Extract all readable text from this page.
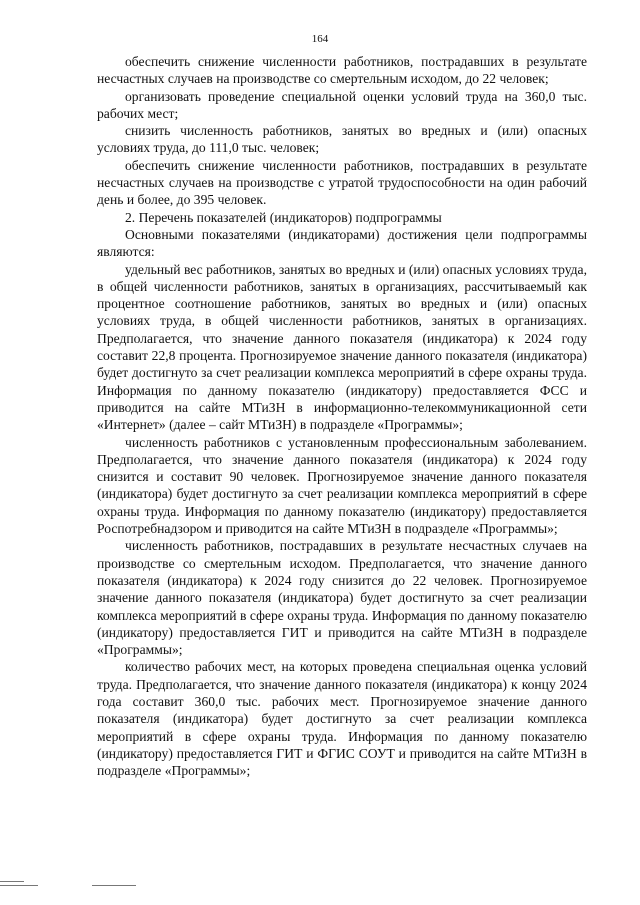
164

обеспечить снижение численности работников, пострадавших в результате несчастных случаев на производстве со смертельным исходом, до 22 человек;

организовать проведение специальной оценки условий труда на 360,0 тыс. рабочих мест;

снизить численность работников, занятых во вредных и (или) опасных условиях труда, до 111,0 тыс. человек;

обеспечить снижение численности работников, пострадавших в результате несчастных случаев на производстве с утратой трудоспособности на один рабочий день и более, до 395 человек.

2. Перечень показателей (индикаторов) подпрограммы

Основными показателями (индикаторами) достижения цели подпрограммы являются:

удельный вес работников, занятых во вредных и (или) опасных условиях труда, в общей численности работников, занятых в организациях, рассчитываемый как процентное соотношение работников, занятых во вредных и (или) опасных условиях труда, в общей численности работников, занятых в организациях. Предполагается, что значение данного показателя (индикатора) к 2024 году составит 22,8 процента. Прогнозируемое значение данного показателя (индикатора) будет достигнуто за счет реализации комплекса мероприятий в сфере охраны труда. Информация по данному показателю (индикатору) предоставляется ФСС и приводится на сайте МТиЗН в информационно-телекоммуникационной сети «Интернет» (далее – сайт МТиЗН) в подразделе «Программы»;

численность работников с установленным профессиональным заболеванием. Предполагается, что значение данного показателя (индикатора) к 2024 году снизится и составит 90 человек. Прогнозируемое значение данного показателя (индикатора) будет достигнуто за счет реализации комплекса мероприятий в сфере охраны труда. Информация по данному показателю (индикатору) предоставляется Роспотребнадзором и приводится на сайте МТиЗН в подразделе «Программы»;

численность работников, пострадавших в результате несчастных случаев на производстве со смертельным исходом. Предполагается, что значение данного показателя (индикатора) к 2024 году снизится до 22 человек. Прогнозируемое значение данного показателя (индикатора) будет достигнуто за счет реализации комплекса мероприятий в сфере охраны труда. Информация по данному показателю (индикатору) предоставляется ГИТ и приводится на сайте МТиЗН в подразделе «Программы»;

количество рабочих мест, на которых проведена специальная оценка условий труда. Предполагается, что значение данного показателя (индикатора) к концу 2024 года составит 360,0 тыс. рабочих мест. Прогнозируемое значение данного показателя (индикатора) будет достигнуто за счет реализации комплекса мероприятий в сфере охраны труда. Информация по данному показателю (индикатору) предоставляется ГИТ и ФГИС СОУТ и приводится на сайте МТиЗН в подразделе «Программы»;
